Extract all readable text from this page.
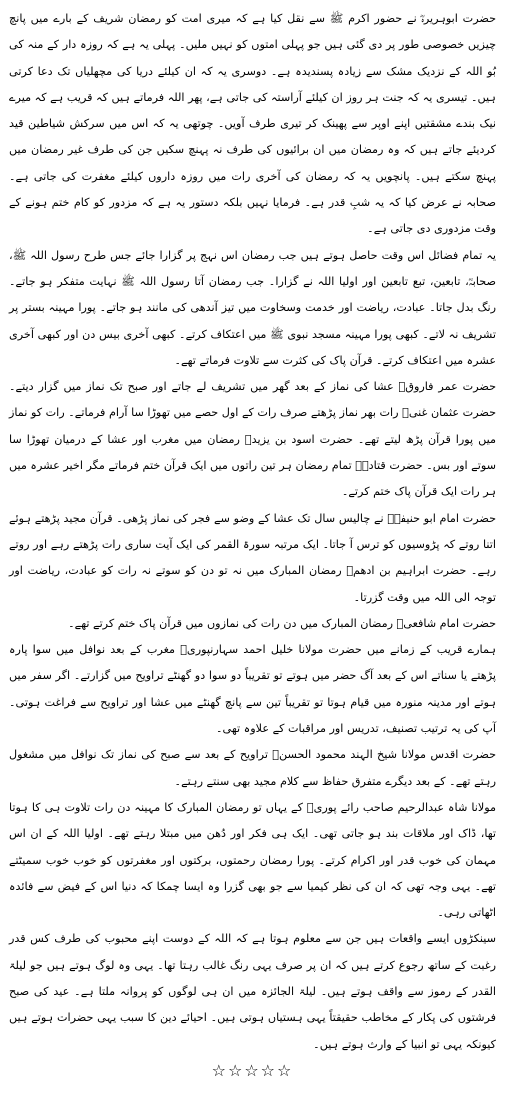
حضرت ابوہریرہؓ نے حضور اکرم ﷺ سے نقل کیا ہے کہ میری امت کو رمضان شریف کے بارے میں پانچ چیزیں خصوصی طور پر دی گئی ہیں جو پہلی امتوں کو نہیں ملیں۔ پہلی یہ ہے کہ روزہ دار کے منہ کی بُو اللہ کے نزدیک مشک سے زیادہ پسندیدہ ہے۔ دوسری یہ کہ ان کیلئے دریا کی مچھلیاں تک دعا کرتی ہیں۔ تیسری یہ کہ جنت ہر روز ان کیلئے آراستہ کی جاتی ہے، پھر اللہ فرماتے ہیں کہ قریب ہے کہ میرے نیک بندے مشقتیں اپنے اوپر سے پھینک کر تیری طرف آویں۔ چوتھی یہ کہ اس میں سرکش شیاطین قید کردیئے جاتے ہیں کہ وہ رمضان میں ان برائیوں کی طرف نہ پہنچ سکیں جن کی طرف غیر رمضان میں پہنچ سکتے ہیں۔ پانچویں یہ کہ رمضان کی آخری رات میں روزہ داروں کیلئے مغفرت کی جاتی ہے۔ صحابہ نے عرض کیا کہ یہ شبِ قدر ہے۔ فرمایا نہیں بلکہ دستور یہ ہے کہ مزدور کو کام ختم ہونے کے وقت مزدوری دی جاتی ہے۔

یہ تمام فضائل اس وقت حاصل ہوتے ہیں جب رمضان اس نہج پر گزارا جائے جس طرح رسول اللہ ﷺ، صحابہؓ، تابعین، تبع تابعین اور اولیا اللہ نے گزارا۔ جب رمضان آتا رسول اللہ ﷺ نہایت متفکر ہو جاتے۔ رنگ بدل جاتا۔ عبادت، ریاضت اور خدمت وسخاوت میں تیز آندھی کی مانند ہو جاتے۔ پورا مہینہ بستر پر تشریف نہ لاتے۔ کبھی پورا مہینہ مسجد نبوی ﷺ میں اعتکاف کرتے۔ کبھی آخری بیس دن اور کبھی آخری عشرہ میں اعتکاف کرتے۔ قرآن پاک کی کثرت سے تلاوت فرماتے تھے۔

حضرت عمر فاروقؓ عشا کی نماز کے بعد گھر میں تشریف لے جاتے اور صبح تک نماز میں گزار دیتے۔ حضرت عثمان غنیؓ رات بھر نماز پڑھتے صرف رات کے اول حصے میں تھوڑا سا آرام فرماتے۔ رات کو نماز میں پورا قرآن پڑھ لیتے تھے۔ حضرت اسود بن یزیدؒ رمضان میں مغرب اور عشا کے درمیان تھوڑا سا سوتے اور بس۔ حضرت قتادہؒ تمام رمضان ہر تین راتوں میں ایک قرآن ختم فرماتے مگر اخیر عشرہ میں ہر رات ایک قرآن پاک ختم کرتے۔

حضرت امام ابو حنیفہؒ نے چالیس سال تک عشا کے وضو سے فجر کی نماز پڑھی۔ قرآن مجید پڑھتے ہوئے اتنا روتے کہ پڑوسیوں کو ترس آ جاتا۔ ایک مرتبہ سورۃ القمر کی ایک آیت ساری رات پڑھتے رہے اور روتے رہے۔ حضرت ابراہیم بن ادھمؒ رمضان المبارک میں نہ تو دن کو سوتے نہ رات کو عبادت، ریاضت اور توجہ الی اللہ میں وقت گزرتا۔

حضرت امام شافعیؒ رمضان المبارک میں دن رات کی نمازوں میں قرآن پاک ختم کرتے تھے۔

ہمارے قریب کے زمانے میں حضرت مولانا خلیل احمد سہارنپوریؒ مغرب کے بعد نوافل میں سوا پارہ پڑھتے یا سناتے اس کے بعد آگ حضر میں ہوتے تو تقریباً دو سوا دو گھنٹے تراویح میں گزارتے۔ اگر سفر میں ہوتے اور مدینہ منورہ میں قیام ہوتا تو تقریباً تین سے پانچ گھنٹے میں عشا اور تراویح سے فراغت ہوتی۔ آپ کی یہ ترتیب تصنیف، تدریس اور مراقبات کے علاوہ تھی۔

حضرت اقدس مولانا شیخ الہند محمود الحسنؒ تراویح کے بعد سے صبح کی نماز تک نوافل میں مشغول رہتے تھے۔ کے بعد دیگرے متفرق حفاظ سے کلام مجید بھی سنتے رہتے۔

مولانا شاہ عبدالرحیم صاحب رائے پوریؒ کے یہاں تو رمضان المبارک کا مہینہ دن رات تلاوت ہی کا ہوتا تھا، ڈاک اور ملاقات بند ہو جاتی تھی۔ ایک ہی فکر اور دُھن میں مبتلا رہتے تھے۔ اولیا اللہ کے ان اس مہمان کی خوب قدر اور اکرام کرتے۔ پورا رمضان رحمتوں، برکتوں اور مغفرتوں کو خوب خوب سمیٹتے تھے۔ یہی وجہ تھی کہ ان کی نظر کیمیا سے جو بھی گزرا وہ ایسا چمکا کہ دنیا اس کے فیض سے فائدہ اٹھاتی رہی۔

سینکڑوں ایسے واقعات ہیں جن سے معلوم ہوتا ہے کہ اللہ کے دوست اپنے محبوب کی طرف کس قدر رغبت کے ساتھ رجوع کرتے ہیں کہ ان پر صرف یہی رنگ غالب رہتا تھا۔ یہی وہ لوگ ہوتے ہیں جو لیلۃ القدر کے رموز سے واقف ہوتے ہیں۔ لیلۃ الجائزہ میں ان ہی لوگوں کو پروانہ ملتا ہے۔ عید کی صبح فرشتوں کی پکار کے مخاطب حقیقتاً یہی ہستیاں ہوتی ہیں۔ احیائے دین کا سبب یہی حضرات ہوتے ہیں کیونکہ یہی تو انبیا کے وارث ہوتے ہیں۔

☆☆☆☆☆
